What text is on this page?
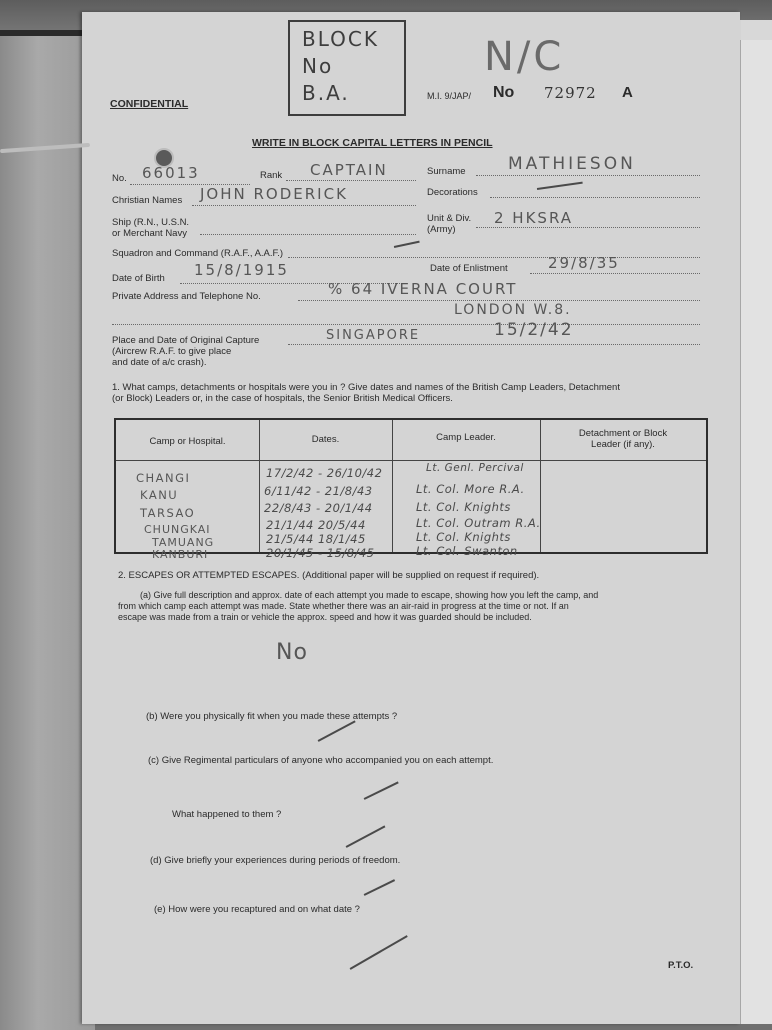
BLOCK
No
B.A.
CONFIDENTIAL
N/C
M.I. 9/JAP/ No 72972 A
WRITE IN BLOCK CAPITAL LETTERS IN PENCIL
No. 66013	Rank CAPTAIN	Surname MATHIESON
Christian Names JOHN RODERICK	Decorations
Ship (R.N., U.S.N.
or Merchant Navy
Unit & Div.
(Army)
2 HKSRA
Squadron and Command (R.A.F., A.A.F.)
Date of Birth 15/8/1915	Date of Enlistment	29/8/35
Private Address and Telephone No.	% 64 IVERNA COURT
LONDON W.8.
Place and Date of Original Capture
(Aircrew R.A.F. to give place
and date of a/c crash).
SINGAPORE	15/2/42
1. What camps, detachments or hospitals were you in ? Give dates and names of the British Camp Leaders, Detachment
(or Block) Leaders or, in the case of hospitals, the Senior British Medical Officers.
Camp or Hospital.	Dates.	Camp Leader.	Detachment or Block
Leader (if any).
CHANGI	17/2/42 - 26/10/42	Lt. Genl. Percival
KANU	6/11/42 - 21/8/43	Lt. Col. More R.A.
TARSAO	22/8/43 - 20/1/44	Lt. Col. Knights
CHUNGKAI	21/1/44 20/5/44	Lt. Col. Outram R.A.
TAMUANG	21/5/44 18/1/45	Lt. Col. Knights
KANBURI	20/1/45 - 15/8/45	Lt. Col. Swanton
2. ESCAPES OR ATTEMPTED ESCAPES. (Additional paper will be supplied on request if required).
(a) Give full description and approx. date of each attempt you made to escape, showing how you left the camp, and
from which camp each attempt was made. State whether there was an air-raid in progress at the time or not. If an
escape was made from a train or vehicle the approx. speed and how it was guarded should be included.
No
(b) Were you physically fit when you made these attempts ?
(c) Give Regimental particulars of anyone who accompanied you on each attempt.
What happened to them ?
(d) Give briefly your experiences during periods of freedom.
(e) How were you recaptured and on what date ?
P.T.O.
